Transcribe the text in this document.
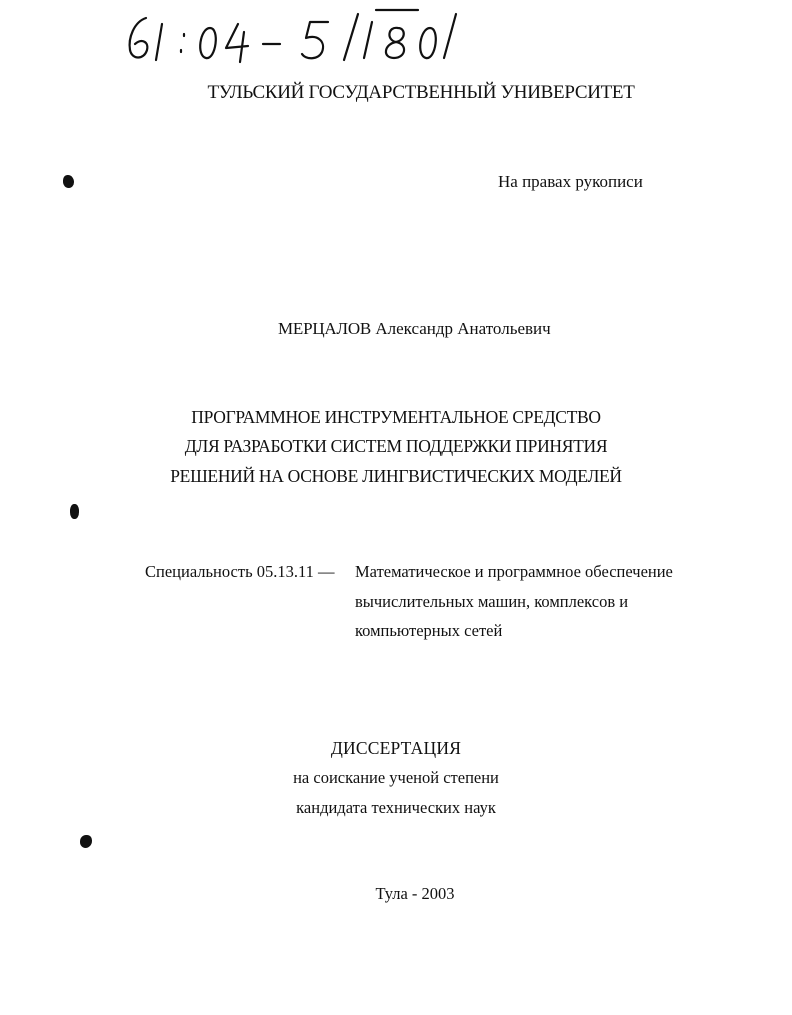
ТУЛЬСКИЙ ГОСУДАРСТВЕННЫЙ УНИВЕРСИТЕТ
На правах рукописи
МЕРЦАЛОВ Александр Анатольевич
ПРОГРАММНОЕ ИНСТРУМЕНТАЛЬНОЕ СРЕДСТВО
ДЛЯ РАЗРАБОТКИ СИСТЕМ ПОДДЕРЖКИ ПРИНЯТИЯ
РЕШЕНИЙ НА ОСНОВЕ ЛИНГВИСТИЧЕСКИХ МОДЕЛЕЙ
Специальность 05.13.11 — Математическое и программное обеспечение
вычислительных машин, комплексов и
компьютерных сетей
ДИССЕРТАЦИЯ
на соискание ученой степени
кандидата технических наук
Тула - 2003
